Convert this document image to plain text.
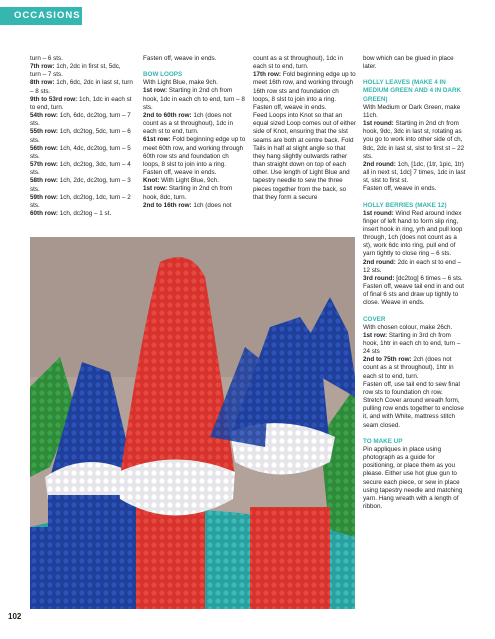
OCCASIONS

turn – 6 sts.

7th row: 1ch, 2dc in first st, 5dc, turn – 7 sts.

8th row: 1ch, 6dc, 2dc in last st, turn – 8 sts.

9th to 53rd row: 1ch, 1dc in each st to end, turn.

54th row: 1ch, 6dc, dc2tog, turn – 7 sts.

55th row: 1ch, dc2tog, 5dc, turn – 6 sts.

56th row: 1ch, 4dc, dc2tog, turn – 5 sts.

57th row: 1ch, dc2tog, 3dc, turn – 4 sts.

58th row: 1ch, 2dc, dc2tog, turn – 3 sts.

59th row: 1ch, dc2tog, 1dc, turn – 2 sts.

60th row: 1ch, dc2tog – 1 st.

Fasten off, weave in ends.

BOW LOOPS

With Light Blue, make 9ch.

1st row: Starting in 2nd ch from hook, 1dc in each ch to end, turn – 8 sts.

2nd to 60th row: 1ch (does not count as a st throughout), 1dc in each st to end, turn.

61st row: Fold beginning edge up to meet 60th row, and working through 60th row sts and foundation ch loops, 8 slst to join into a ring.

Fasten off, weave in ends.

Knot: With Light Blue, 9ch.

1st row: Starting in 2nd ch from hook, 8dc, turn.

2nd to 16th row: 1ch (does not

count as a st throughout), 1dc in each st to end, turn.

17th row: Fold beginning edge up to meet 16th row, and working through 16th row sts and foundation ch loops, 8 slst to join into a ring.

Fasten off, weave in ends.

Feed Loops into Knot so that an equal sized Loop comes out of either side of Knot, ensuring that the slst seams are both at centre back. Fold Tails in half at slight angle so that they hang slightly outwards rather than straight down on top of each other. Use length of Light Blue and tapestry needle to sew the three pieces together from the back, so that they form a secure

bow which can be glued in place later.

HOLLY LEAVES (MAKE 4 IN MEDIUM GREEN AND 4 IN DARK GREEN)

With Medium or Dark Green, make 11ch.

1st round: Starting in 2nd ch from hook, 9dc, 3dc in last st, rotating as you go to work into other side of ch, 8dc, 2dc in last st, slst to first st – 22 sts.

2nd round: 1ch, [1dc, (1tr, 1pic, 1tr) all in next st, 1dc] 7 times, 1dc in last st, slst to first st.

Fasten off, weave in ends.

HOLLY BERRIES (MAKE 12)

1st round: Wind Red around index finger of left hand to form slip ring, insert hook in ring, yrh and pull loop through, 1ch (does not count as a st), work 6dc into ring, pull end of yarn tightly to close ring – 6 sts.

2nd round: 2dc in each st to end – 12 sts.

3rd round: [dc2tog] 6 times – 6 sts.

Fasten off, weave tail end in and out of final 6 sts and draw up tightly to close. Weave in ends.

COVER

With chosen colour, make 26ch.

1st row: Starting in 3rd ch from hook, 1htr in each ch to end, turn – 24 sts

2nd to 75th row: 2ch (does not count as a st throughout), 1htr in each st to end, turn.

Fasten off, use tail end to sew final row sts to foundation ch row.

Stretch Cover around wreath form, pulling row ends together to enclose it, and with White, mattress stitch seam closed.

TO MAKE UP

Pin appliques in place using photograph as a guide for positioning, or place them as you please. Either use hot glue gun to secure each piece, or sew in place using tapestry needle and matching yarn. Hang wreath with a length of ribbon.

102
